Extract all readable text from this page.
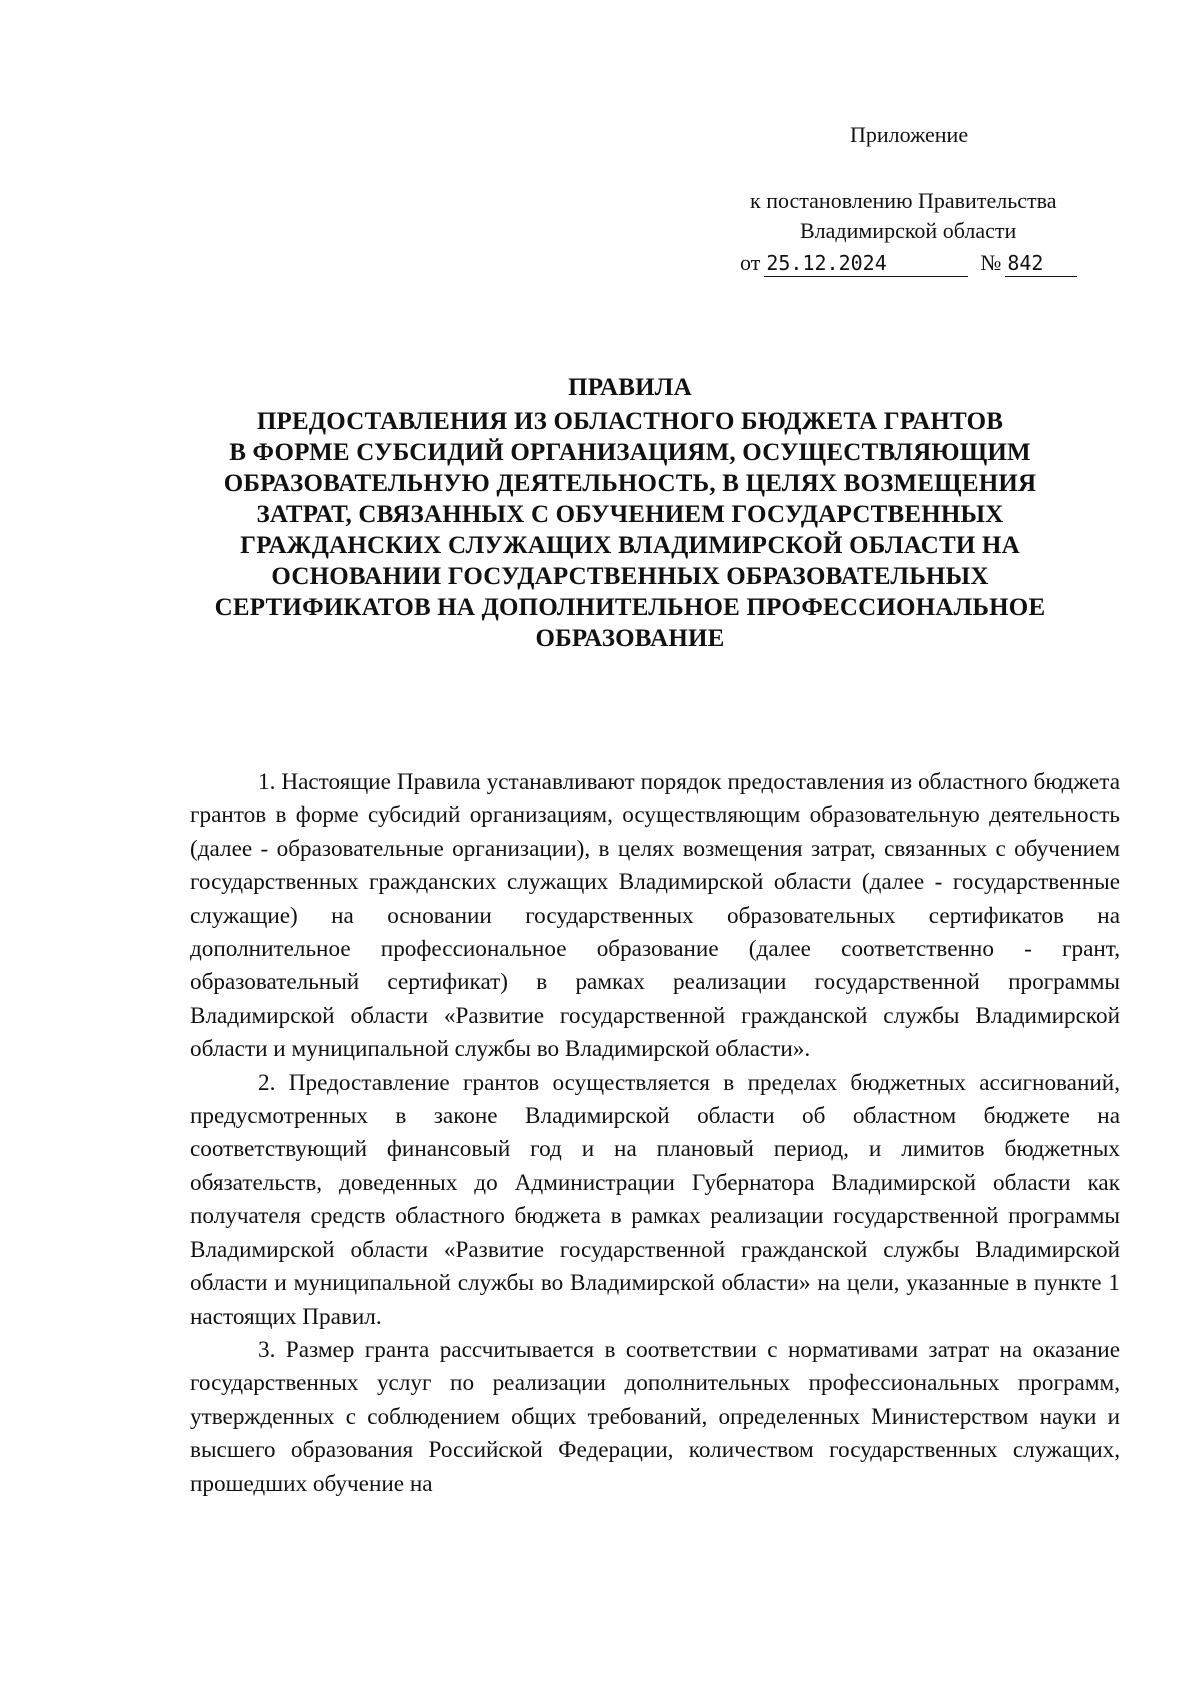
Приложение
к постановлению Правительства
Владимирской области
от 25.12.2024	№ 842
ПРАВИЛА
ПРЕДОСТАВЛЕНИЯ ИЗ ОБЛАСТНОГО БЮДЖЕТА ГРАНТОВ
В ФОРМЕ СУБСИДИЙ ОРГАНИЗАЦИЯМ, ОСУЩЕСТВЛЯЮЩИМ
ОБРАЗОВАТЕЛЬНУЮ ДЕЯТЕЛЬНОСТЬ, В ЦЕЛЯХ ВОЗМЕЩЕНИЯ
ЗАТРАТ, СВЯЗАННЫХ С ОБУЧЕНИЕМ ГОСУДАРСТВЕННЫХ
ГРАЖДАНСКИХ СЛУЖАЩИХ ВЛАДИМИРСКОЙ ОБЛАСТИ НА
ОСНОВАНИИ ГОСУДАРСТВЕННЫХ ОБРАЗОВАТЕЛЬНЫХ
СЕРТИФИКАТОВ НА ДОПОЛНИТЕЛЬНОЕ ПРОФЕССИОНАЛЬНОЕ
ОБРАЗОВАНИЕ

1. Настоящие Правила устанавливают порядок предоставления из областного бюджета грантов в форме субсидий организациям, осуществляющим образовательную деятельность (далее - образовательные организации), в целях возмещения затрат, связанных с обучением государственных гражданских служащих Владимирской области (далее - государственные служащие) на основании государственных образовательных сертификатов на дополнительное профессиональное образование (далее соответственно - грант, образовательный сертификат) в рамках реализации государственной программы Владимирской области «Развитие государственной гражданской службы Владимирской области и муниципальной службы во Владимирской области».

2. Предоставление грантов осуществляется в пределах бюджетных ассигнований, предусмотренных в законе Владимирской области об областном бюджете на соответствующий финансовый год и на плановый период, и лимитов бюджетных обязательств, доведенных до Администрации Губернатора Владимирской области как получателя средств областного бюджета в рамках реализации государственной программы Владимирской области «Развитие государственной гражданской службы Владимирской области и муниципальной службы во Владимирской области» на цели, указанные в пункте 1 настоящих Правил.

3. Размер гранта рассчитывается в соответствии с нормативами затрат на оказание государственных услуг по реализации дополнительных профессиональных программ, утвержденных с соблюдением общих требований, определенных Министерством науки и высшего образования Российской Федерации, количеством государственных служащих, прошедших обучение на
